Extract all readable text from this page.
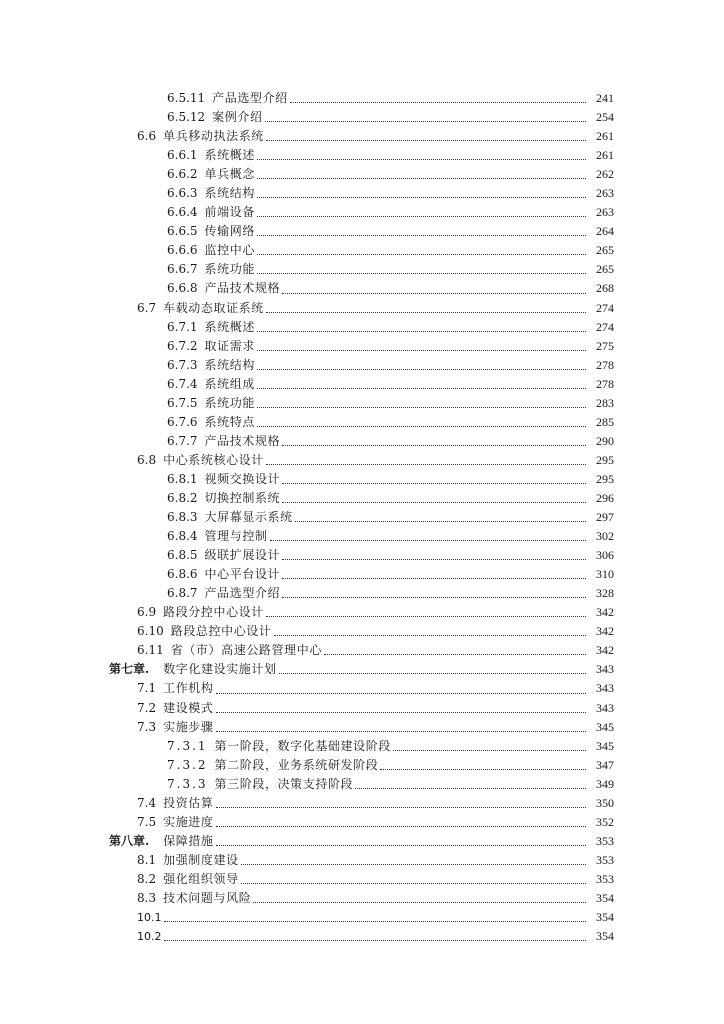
6.5.11 产品选型介绍	241
6.5.12 案例介绍	254
6.6 单兵移动执法系统	261
6.6.1 系统概述	261
6.6.2 单兵概念	262
6.6.3 系统结构	263
6.6.4 前端设备	263
6.6.5 传输网络	264
6.6.6 监控中心	265
6.6.7 系统功能	265
6.6.8 产品技术规格	268
6.7 车载动态取证系统	274
6.7.1 系统概述	274
6.7.2 取证需求	275
6.7.3 系统结构	278
6.7.4 系统组成	278
6.7.5 系统功能	283
6.7.6 系统特点	285
6.7.7 产品技术规格	290
6.8 中心系统核心设计	295
6.8.1 视频交换设计	295
6.8.2 切换控制系统	296
6.8.3 大屏幕显示系统	297
6.8.4 管理与控制	302
6.8.5 级联扩展设计	306
6.8.6 中心平台设计	310
6.8.7 产品选型介绍	328
6.9 路段分控中心设计	342
6.10 路段总控中心设计	342
6.11 省（市）高速公路管理中心	342
第七章. 数字化建设实施计划	343
7.1 工作机构	343
7.2 建设模式	343
7.3 实施步骤	345
7.3.1 第一阶段，数字化基础建设阶段	345
7.3.2 第二阶段，业务系统研发阶段	347
7.3.3 第三阶段，决策支持阶段	349
7.4 投资估算	350
7.5 实施进度	352
第八章. 保障措施	353
8.1 加强制度建设	353
8.2 强化组织领导	353
8.3 技术问题与风险	354
10.1	354
10.2	354
